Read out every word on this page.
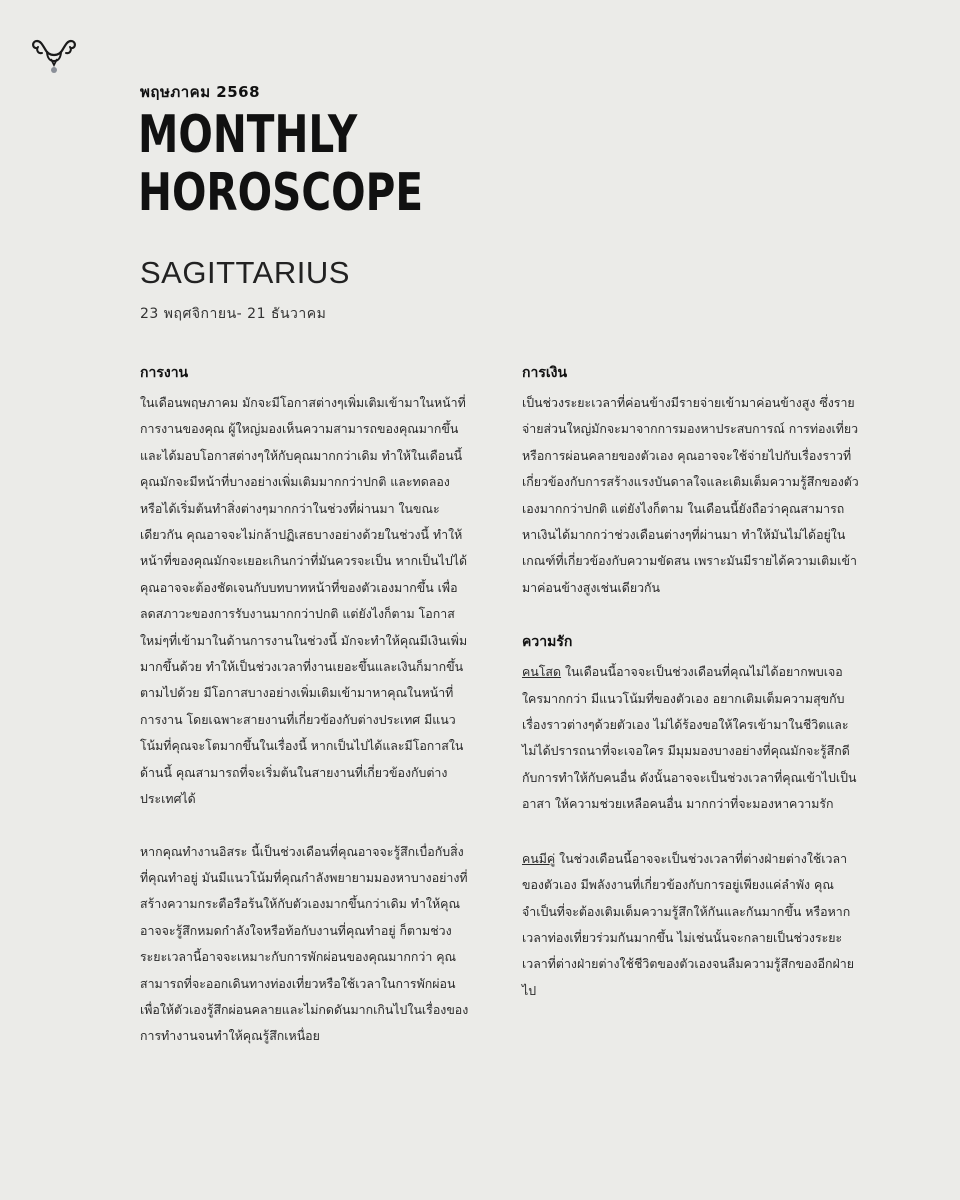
พฤษภาคม 2568
MONTHLY
HOROSCOPE
SAGITTARIUS
23 พฤศจิกายน- 21 ธันวาคม
การงาน

ในเดือนพฤษภาคม มักจะมีโอกาสต่างๆเพิ่มเติมเข้ามาในหน้าที่การงานของคุณ ผู้ใหญ่มองเห็นความสามารถของคุณมากขึ้นและได้มอบโอกาสต่างๆให้กับคุณมากกว่าเดิม ทำให้ในเดือนนี้คุณมักจะมีหน้าที่บางอย่างเพิ่มเติมมากกว่าปกติ และทดลองหรือได้เริ่มต้นทำสิ่งต่างๆมากกว่าในช่วงที่ผ่านมา ในขณะเดียวกัน คุณอาจจะไม่กล้าปฏิเสธบางอย่างด้วยในช่วงนี้ ทำให้หน้าที่ของคุณมักจะเยอะเกินกว่าที่มันควรจะเป็น หากเป็นไปได้คุณอาจจะต้องชัดเจนกับบทบาทหน้าที่ของตัวเองมากขึ้น เพื่อลดสภาวะของการรับงานมากกว่าปกติ แต่ยังไงก็ตาม โอกาสใหม่ๆที่เข้ามาในด้านการงานในช่วงนี้ มักจะทำให้คุณมีเงินเพิ่มมากขึ้นด้วย ทำให้เป็นช่วงเวลาที่งานเยอะขึ้นและเงินก็มากขึ้นตามไปด้วย มีโอกาสบางอย่างเพิ่มเติมเข้ามาหาคุณในหน้าที่การงาน โดยเฉพาะสายงานที่เกี่ยวข้องกับต่างประเทศ มีแนวโน้มที่คุณจะโตมากขึ้นในเรื่องนี้ หากเป็นไปได้และมีโอกาสในด้านนี้ คุณสามารถที่จะเริ่มต้นในสายงานที่เกี่ยวข้องกับต่างประเทศได้

หากคุณทำงานอิสระ นี้เป็นช่วงเดือนที่คุณอาจจะรู้สึกเบื่อกับสิ่งที่คุณทำอยู่ มันมีแนวโน้มที่คุณกำลังพยายามมองหาบางอย่างที่สร้างความกระตือรือร้นให้กับตัวเองมากขึ้นกว่าเดิม ทำให้คุณอาจจะรู้สึกหมดกำลังใจหรือท้อกับงานที่คุณทำอยู่ ก็ตามช่วงระยะเวลานี้อาจจะเหมาะกับการพักผ่อนของคุณมากกว่า คุณสามารถที่จะออกเดินทางท่องเที่ยวหรือใช้เวลาในการพักผ่อนเพื่อให้ตัวเองรู้สึกผ่อนคลายและไม่กดดันมากเกินไปในเรื่องของการทำงานจนทำให้คุณรู้สึกเหนื่อย

การเงิน

เป็นช่วงระยะเวลาที่ค่อนข้างมีรายจ่ายเข้ามาค่อนข้างสูง ซึ่งรายจ่ายส่วนใหญ่มักจะมาจากการมองหาประสบการณ์ การท่องเที่ยวหรือการผ่อนคลายของตัวเอง คุณอาจจะใช้จ่ายไปกับเรื่องราวที่เกี่ยวข้องกับการสร้างแรงบันดาลใจและเติมเต็มความรู้สึกของตัวเองมากกว่าปกติ แต่ยังไงก็ตาม ในเดือนนี้ยังถือว่าคุณสามารถหาเงินได้มากกว่าช่วงเดือนต่างๆที่ผ่านมา ทำให้มันไม่ได้อยู่ในเกณฑ์ที่เกี่ยวข้องกับความขัดสน เพราะมันมีรายได้ความเติมเข้ามาค่อนข้างสูงเช่นเดียวกัน

ความรัก

คนโสด ในเดือนนี้อาจจะเป็นช่วงเดือนที่คุณไม่ได้อยากพบเจอใครมากกว่า มีแนวโน้มที่ของตัวเอง อยากเติมเต็มความสุขกับเรื่องราวต่างๆด้วยตัวเอง ไม่ได้ร้องขอให้ใครเข้ามาในชีวิตและไม่ได้ปรารถนาที่จะเจอใคร มีมุมมองบางอย่างที่คุณมักจะรู้สึกดีกับการทำให้กับคนอื่น ดังนั้นอาจจะเป็นช่วงเวลาที่คุณเข้าไปเป็นอาสา ให้ความช่วยเหลือคนอื่น มากกว่าที่จะมองหาความรัก

คนมีคู่ ในช่วงเดือนนี้อาจจะเป็นช่วงเวลาที่ต่างฝ่ายต่างใช้เวลาของตัวเอง มีพลังงานที่เกี่ยวข้องกับการอยู่เพียงแค่ลำพัง คุณจำเป็นที่จะต้องเติมเต็มความรู้สึกให้กันและกันมากขึ้น หรือหากเวลาท่องเที่ยวร่วมกันมากขึ้น ไม่เช่นนั้นจะกลายเป็นช่วงระยะเวลาที่ต่างฝ่ายต่างใช้ชีวิตของตัวเองจนลืมความรู้สึกของอีกฝ่ายไป
